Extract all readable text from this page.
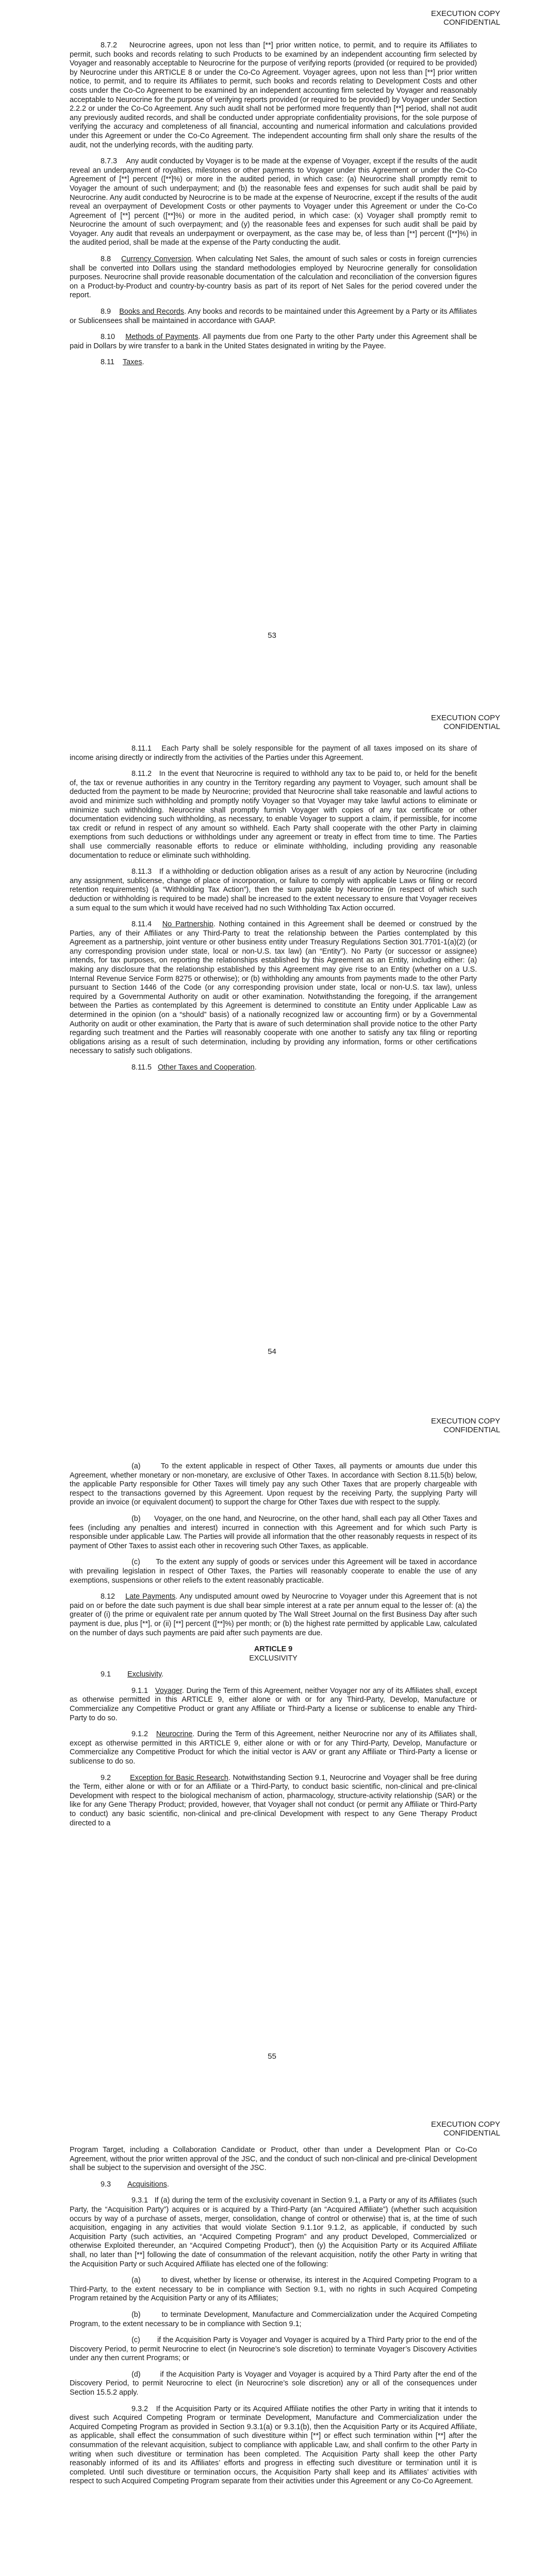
EXECUTION COPY
CONFIDENTIAL

8.7.2 Neurocrine agrees, upon not less than [**] prior written notice, to permit, and to require its Affiliates to permit, such books and records relating to such Products to be examined by an independent accounting firm selected by Voyager and reasonably acceptable to Neurocrine for the purpose of verifying reports (provided (or required to be provided) by Neurocrine under this ARTICLE 8 or under the Co-Co Agreement. Voyager agrees, upon not less than [**] prior written notice, to permit, and to require its Affiliates to permit, such books and records relating to Development Costs and other costs under the Co-Co Agreement to be examined by an independent accounting firm selected by Voyager and reasonably acceptable to Neurocrine for the purpose of verifying reports provided (or required to be provided) by Voyager under Section 2.2.2 or under the Co-Co Agreement. Any such audit shall not be performed more frequently than [**] period, shall not audit any previously audited records, and shall be conducted under appropriate confidentiality provisions, for the sole purpose of verifying the accuracy and completeness of all financial, accounting and numerical information and calculations provided under this Agreement or under the Co-Co Agreement. The independent accounting firm shall only share the results of the audit, not the underlying records, with the auditing party.

8.7.3 Any audit conducted by Voyager is to be made at the expense of Voyager, except if the results of the audit reveal an underpayment of royalties, milestones or other payments to Voyager under this Agreement or under the Co-Co Agreement of [**] percent ([**]%) or more in the audited period, in which case: (a) Neurocrine shall promptly remit to Voyager the amount of such underpayment; and (b) the reasonable fees and expenses for such audit shall be paid by Neurocrine. Any audit conducted by Neurocrine is to be made at the expense of Neurocrine, except if the results of the audit reveal an overpayment of Development Costs or other payments to Voyager under this Agreement or under the Co-Co Agreement of [**] percent ([**]%) or more in the audited period, in which case: (x) Voyager shall promptly remit to Neurocrine the amount of such overpayment; and (y) the reasonable fees and expenses for such audit shall be paid by Voyager. Any audit that reveals an underpayment or overpayment, as the case may be, of less than [**] percent ([**]%) in the audited period, shall be made at the expense of the Party conducting the audit.

8.8 Currency Conversion. When calculating Net Sales, the amount of such sales or costs in foreign currencies shall be converted into Dollars using the standard methodologies employed by Neurocrine generally for consolidation purposes. Neurocrine shall provide reasonable documentation of the calculation and reconciliation of the conversion figures on a Product-by-Product and country-by-country basis as part of its report of Net Sales for the period covered under the report.

8.9 Books and Records. Any books and records to be maintained under this Agreement by a Party or its Affiliates or Sublicensees shall be maintained in accordance with GAAP.

8.10 Methods of Payments. All payments due from one Party to the other Party under this Agreement shall be paid in Dollars by wire transfer to a bank in the United States designated in writing by the Payee.

8.11 Taxes.

53
EXECUTION COPY
CONFIDENTIAL

8.11.1 Each Party shall be solely responsible for the payment of all taxes imposed on its share of income arising directly or indirectly from the activities of the Parties under this Agreement.

8.11.2 In the event that Neurocrine is required to withhold any tax to be paid to, or held for the benefit of, the tax or revenue authorities in any country in the Territory regarding any payment to Voyager, such amount shall be deducted from the payment to be made by Neurocrine; provided that Neurocrine shall take reasonable and lawful actions to avoid and minimize such withholding and promptly notify Voyager so that Voyager may take lawful actions to eliminate or minimize such withholding. Neurocrine shall promptly furnish Voyager with copies of any tax certificate or other documentation evidencing such withholding, as necessary, to enable Voyager to support a claim, if permissible, for income tax credit or refund in respect of any amount so withheld. Each Party shall cooperate with the other Party in claiming exemptions from such deductions or withholdings under any agreement or treaty in effect from time to time. The Parties shall use commercially reasonable efforts to reduce or eliminate withholding, including providing any reasonable documentation to reduce or eliminate such withholding.

8.11.3 If a withholding or deduction obligation arises as a result of any action by Neurocrine (including any assignment, sublicense, change of place of incorporation, or failure to comply with applicable Laws or filing or record retention requirements) (a “Withholding Tax Action”), then the sum payable by Neurocrine (in respect of which such deduction or withholding is required to be made) shall be increased to the extent necessary to ensure that Voyager receives a sum equal to the sum which it would have received had no such Withholding Tax Action occurred.

8.11.4 No Partnership. Nothing contained in this Agreement shall be deemed or construed by the Parties, any of their Affiliates or any Third-Party to treat the relationship between the Parties contemplated by this Agreement as a partnership, joint venture or other business entity under Treasury Regulations Section 301.7701-1(a)(2) (or any corresponding provision under state, local or non-U.S. tax law) (an “Entity”). No Party (or successor or assignee) intends, for tax purposes, on reporting the relationships established by this Agreement as an Entity, including either: (a) making any disclosure that the relationship established by this Agreement may give rise to an Entity (whether on a U.S. Internal Revenue Service Form 8275 or otherwise); or (b) withholding any amounts from payments made to the other Party pursuant to Section 1446 of the Code (or any corresponding provision under state, local or non-U.S. tax law), unless required by a Governmental Authority on audit or other examination. Notwithstanding the foregoing, if the arrangement between the Parties as contemplated by this Agreement is determined to constitute an Entity under Applicable Law as determined in the opinion (on a “should” basis) of a nationally recognized law or accounting firm) or by a Governmental Authority on audit or other examination, the Party that is aware of such determination shall provide notice to the other Party regarding such treatment and the Parties will reasonably cooperate with one another to satisfy any tax filing or reporting obligations arising as a result of such determination, including by providing any information, forms or other certifications necessary to satisfy such obligations.

8.11.5 Other Taxes and Cooperation.

54
EXECUTION COPY
CONFIDENTIAL

(a)	To the extent applicable in respect of Other Taxes, all payments or amounts due under this Agreement, whether monetary or non-monetary, are exclusive of Other Taxes. In accordance with Section 8.11.5(b) below, the applicable Party responsible for Other Taxes will timely pay any such Other Taxes that are properly chargeable with respect to the transactions governed by this Agreement. Upon request by the receiving Party, the supplying Party will provide an invoice (or equivalent document) to support the charge for Other Taxes due with respect to the supply.

(b) Voyager, on the one hand, and Neurocrine, on the other hand, shall each pay all Other Taxes and fees (including any penalties and interest) incurred in connection with this Agreement and for which such Party is responsible under applicable Law. The Parties will provide all information that the other reasonably requests in respect of its payment of Other Taxes to assist each other in recovering such Other Taxes, as applicable.

(c) To the extent any supply of goods or services under this Agreement will be taxed in accordance with prevailing legislation in respect of Other Taxes, the Parties will reasonably cooperate to enable the use of any exemptions, suspensions or other reliefs to the extent reasonably practicable.

8.12 Late Payments. Any undisputed amount owed by Neurocrine to Voyager under this Agreement that is not paid on or before the date such payment is due shall bear simple interest at a rate per annum equal to the lesser of: (a) the greater of (i) the prime or equivalent rate per annum quoted by The Wall Street Journal on the first Business Day after such payment is due, plus [**], or (ii) [**] percent ([**]%) per month; or (b) the highest rate permitted by applicable Law, calculated on the number of days such payments are paid after such payments are due.

ARTICLE 9
EXCLUSIVITY

9.1 Exclusivity.

9.1.1 Voyager. During the Term of this Agreement, neither Voyager nor any of its Affiliates shall, except as otherwise permitted in this ARTICLE 9, either alone or with or for any Third-Party, Develop, Manufacture or Commercialize any Competitive Product or grant any Affiliate or Third-Party a license or sublicense to enable any Third-Party to do so.

9.1.2 Neurocrine. During the Term of this Agreement, neither Neurocrine nor any of its Affiliates shall, except as otherwise permitted in this ARTICLE 9, either alone or with or for any Third-Party, Develop, Manufacture or Commercialize any Competitive Product for which the initial vector is AAV or grant any Affiliate or Third-Party a license or sublicense to do so.

9.2	Exception for Basic Research. Notwithstanding Section 9.1, Neurocrine and Voyager shall be free during the Term, either alone or with or for an Affiliate or a Third-Party, to conduct basic scientific, non-clinical and pre-clinical Development with respect to the biological mechanism of action, pharmacology, structure-activity relationship (SAR) or the like for any Gene Therapy Product; provided, however, that Voyager shall not conduct (or permit any Affiliate or Third-Party to conduct) any basic scientific, non-clinical and pre-clinical Development with respect to any Gene Therapy Product directed to a

55
EXECUTION COPY
CONFIDENTIAL

Program Target, including a Collaboration Candidate or Product, other than under a Development Plan or Co-Co Agreement, without the prior written approval of the JSC, and the conduct of such non-clinical and pre-clinical Development shall be subject to the supervision and oversight of the JSC.

9.3 Acquisitions.

9.3.1 If (a) during the term of the exclusivity covenant in Section 9.1, a Party or any of its Affiliates (such Party, the “Acquisition Party”) acquires or is acquired by a Third-Party (an “Acquired Affiliate”) (whether such acquisition occurs by way of a purchase of assets, merger, consolidation, change of control or otherwise) that is, at the time of such acquisition, engaging in any activities that would violate Section 9.1.1or 9.1.2, as applicable, if conducted by such Acquisition Party (such activities, an “Acquired Competing Program” and any product Developed, Commercialized or otherwise Exploited thereunder, an “Acquired Competing Product”), then (y) the Acquisition Party or its Acquired Affiliate shall, no later than [**] following the date of consummation of the relevant acquisition, notify the other Party in writing that the Acquisition Party or such Acquired Affiliate has elected one of the following:

(a)	to divest, whether by license or otherwise, its interest in the Acquired Competing Program to a Third-Party, to the extent necessary to be in compliance with Section 9.1, with no rights in such Acquired Competing Program retained by the Acquisition Party or any of its Affiliates;

(b)	to terminate Development, Manufacture and Commercialization under the Acquired Competing Program, to the extent necessary to be in compliance with Section 9.1;

(c) if the Acquisition Party is Voyager and Voyager is acquired by a Third Party prior to the end of the Discovery Period, to permit Neurocrine to elect (in Neurocrine’s sole discretion) to terminate Voyager’s Discovery Activities under any then current Programs; or

(d)	if the Acquisition Party is Voyager and Voyager is acquired by a Third Party after the end of the Discovery Period, to permit Neurocrine to elect (in Neurocrine’s sole discretion) any or all of the consequences under Section 15.5.2 apply.

9.3.2 If the Acquisition Party or its Acquired Affiliate notifies the other Party in writing that it intends to divest such Acquired Competing Program or terminate Development, Manufacture and Commercialization under the Acquired Competing Program as provided in Section 9.3.1(a) or 9.3.1(b), then the Acquisition Party or its Acquired Affiliate, as applicable, shall effect the consummation of such divestiture within [**] or effect such termination within [**] after the consummation of the relevant acquisition, subject to compliance with applicable Law, and shall confirm to the other Party in writing when such divestiture or termination has been completed. The Acquisition Party shall keep the other Party reasonably informed of its and its Affiliates’ efforts and progress in effecting such divestiture or termination until it is completed. Until such divestiture or termination occurs, the Acquisition Party shall keep and its Affiliates’ activities with respect to such Acquired Competing Program separate from their activities under this Agreement or any Co-Co Agreement.
